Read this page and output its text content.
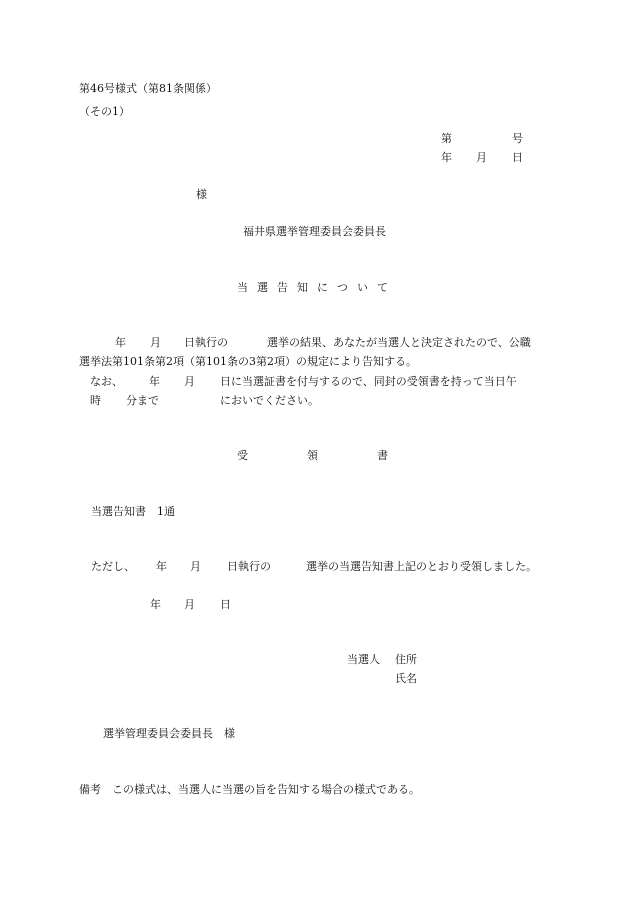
第46号様式（第81条関係）
（その1）
第	号
年 月 日
様
福井県選挙管理委員会委員長
当 選 告 知 に つ い て
年 月 日執行の	選挙の結果、あなたが当選人と決定されたので、公職
選挙法第101条第2項（第101条の3第2項）の規定により告知する。
なお、 年 月 日に当選証書を付与するので、同封の受領書を持って当日午
時 分まで	においでください。
受	領	書
当選告知書　1通
ただし、 年 月 日執行の	選挙の当選告知書上記のとおり受領しました。
年 月 日
当選人 住所
氏名
選挙管理委員会委員長　様
備考　この様式は、当選人に当選の旨を告知する場合の様式である。
